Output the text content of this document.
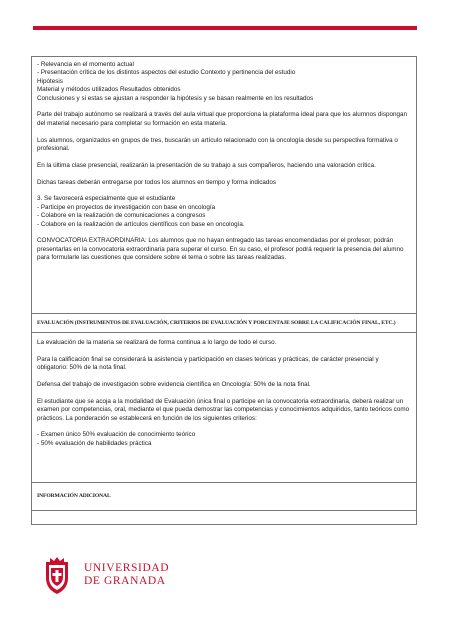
- Relevancia en el momento actual

- Presentación crítica de los distintos aspectos del estudio Contexto y pertinencia del estudio

Hipótesis

Material y métodos utilizados Resultados obtenidos

Conclusiones y si estas se ajustan a responder la hipótesis y se basan realmente en los resultados

Parte del trabajo autónomo se realizará a través del aula virtual que proporciona la plataforma ideal para que los alumnos dispongan del material necesario para completar su formación en esta materia.

Los alumnos, organizados en grupos de tres, buscarán un artículo relacionado con la oncología desde su perspectiva formativa o profesional.

En la última clase presencial, realizarán la presentación de su trabajo a sus compañeros, haciendo una valoración crítica.

Dichas tareas deberán entregarse por todos los alumnos en tiempo y forma indicados

3. Se favorecerá especialmente que el estudiante

- Participe en proyectos de investigación con base en oncología

- Colabore en la realización de comunicaciones a congresos

- Colabore en la realización de artículos científicos con base en oncología.

CONVOCATORIA EXTRAORDINARIA: Los alumnos que no hayan entregado las tareas encomendadas por el profesor, podrán presentarlas en la convocatoria extraordinaria para superar el curso. En su caso, el profesor podrá requerir la presencia del alumno para formularle las cuestiones que considere sobre el tema o sobre las tareas realizadas.

EVALUACIÓN (INSTRUMENTOS DE EVALUACIÓN, CRITERIOS DE EVALUACIÓN Y PORCENTAJE SOBRE LA CALIFICACIÓN FINAL, ETC.)

La evaluación de la materia se realizará de forma continua a lo largo de todo el curso.

Para la calificación final se considerará la asistencia y participación en clases teóricas y prácticas, de carácter presencial y obligatorio: 50% de la nota final.

Defensa del trabajo de investigación sobre evidencia científica en Oncología: 50% de la nota final.

El estudiante que se acoja a la modalidad de Evaluación única final o participe en la convocatoria extraordinaria, deberá realizar un examen por competencias, oral, mediante el que pueda demostrar las competencias y conocimientos adquiridos, tanto teóricos como prácticos. La ponderación se establecerá en función de los siguientes criterios:

- Examen único 50% evaluación de conocimiento teórico

- 50% evaluación de habilidades práctica

INFORMACIÓN ADICIONAL
UNIVERSIDAD
DE GRANADA
